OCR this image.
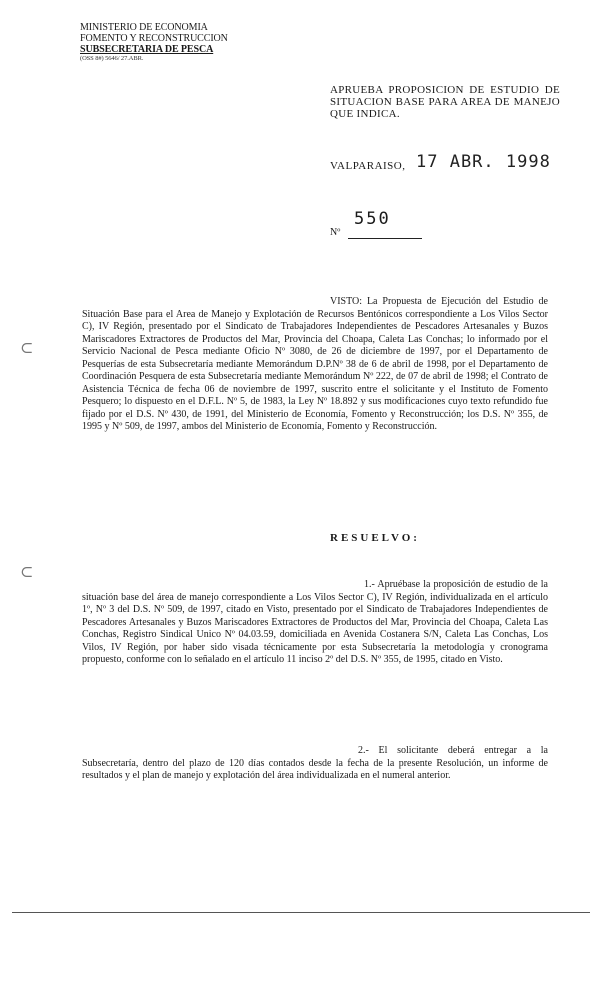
MINISTERIO DE ECONOMIA
FOMENTO Y RECONSTRUCCION
SUBSECRETARIA DE PESCA
(OSS 8#) 5646/ 27.ABR.
APRUEBA PROPOSICION DE ESTUDIO DE SITUACION BASE PARA AREA DE MANEJO QUE INDICA.
VALPARAISO, 17 ABR. 1998
Nº
550
VISTO: La Propuesta de Ejecución del Estudio de Situación Base para el Area de Manejo y Explotación de Recursos Bentónicos correspondiente a Los Vilos Sector C), IV Región, presentado por el Sindicato de Trabajadores Independientes de Pescadores Artesanales y Buzos Mariscadores Extractores de Productos del Mar, Provincia del Choapa, Caleta Las Conchas; lo informado por el Servicio Nacional de Pesca mediante Oficio Nº 3080, de 26 de diciembre de 1997, por el Departamento de Pesquerías de esta Subsecretaría mediante Memorándum D.P.Nº 38 de 6 de abril de 1998, por el Departamento de Coordinación Pesquera de esta Subsecretaría mediante Memorándum Nº 222, de 07 de abril de 1998; el Contrato de Asistencia Técnica de fecha 06 de noviembre de 1997, suscrito entre el solicitante y el Instituto de Fomento Pesquero; lo dispuesto en el D.F.L. Nº 5, de 1983, la Ley Nº 18.892 y sus modificaciones cuyo texto refundido fue fijado por el D.S. Nº 430, de 1991, del Ministerio de Economía, Fomento y Reconstrucción; los D.S. Nº 355, de 1995 y Nº 509, de 1997, ambos del Ministerio de Economía, Fomento y Reconstrucción.
RESUELVO:
1.- Apruébase la proposición de estudio de la situación base del área de manejo correspondiente a Los Vilos Sector C), IV Región, individualizada en el artículo 1º, Nº 3 del D.S. Nº 509, de 1997, citado en Visto, presentado por el Sindicato de Trabajadores Independientes de Pescadores Artesanales y Buzos Mariscadores Extractores de Productos del Mar, Provincia del Choapa, Caleta Las Conchas, Registro Sindical Unico Nº 04.03.59, domiciliada en Avenida Costanera S/N, Caleta Las Conchas, Los Vilos, IV Región, por haber sido visada técnicamente por esta Subsecretaría la metodología y cronograma propuesto, conforme con lo señalado en el artículo 11 inciso 2º del D.S. Nº 355, de 1995, citado en Visto.
2.- El solicitante deberá entregar a la Subsecretaría, dentro del plazo de 120 días contados desde la fecha de la presente Resolución, un informe de resultados y el plan de manejo y explotación del área individualizada en el numeral anterior.
⊂
⊂
